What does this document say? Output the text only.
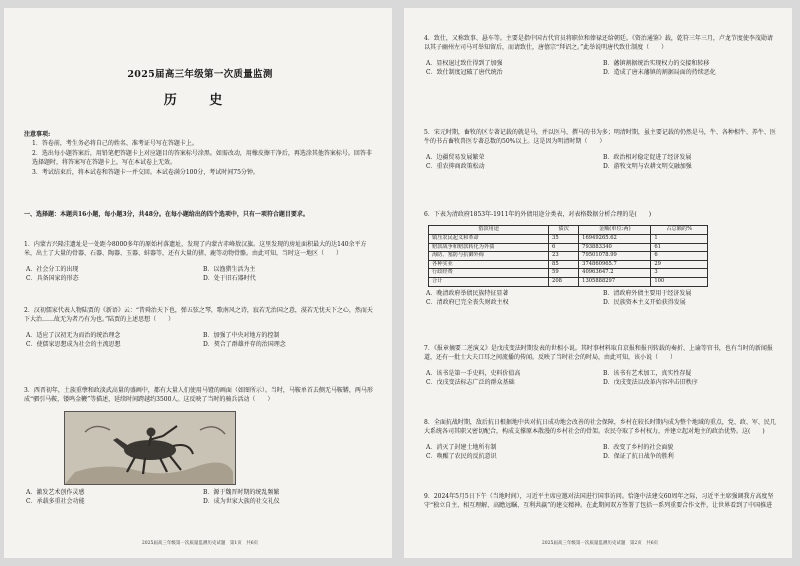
2025届高三年级第一次质量监测
历 史
注意事项:

1．答卷前，考生务必将自己的姓名、准考证号写在答题卡上。

2．选出每小题答案后，用铅笔把答题卡上对应题目的答案标号涂黑。如需改动，用橡皮擦干净后，再选涂其他答案标号。回答非选择题时，将答案写在答题卡上，写在本试卷上无效。

3．考试结束后，将本试卷和答题卡一并交回。本试卷满分100分，考试时间75分钟。

一、选择题：本题共16小题，每小题3分，共48分。在每小题给出的四个选项中，只有一项符合题目要求。

1．内蒙古兴隆洼遗址是一处距今8000多年的原始村落遗址，发现了内蒙古赤峰敖汉旗。这里发现的房址面积最大的达140余平方米，出土了大量的骨器、石器、陶器、玉器、蚌器等，还有大量的猪、鹿等动物骨骼。由此可知，当时这一地区（　　）

A．社会分工的出现	B．以渔猎生活为主
C．具备国家的形态	D．处于旧石器时代

2．汉初儒家代表人物陆贾的《新语》云：“昔舜治天下也，弹五弦之琴，歌南风之诗，寂若无治国之意，漠若无忧天下之心，然而天下大治……故无为者乃有为也。”陆贾的上述思想（　　）

A．适应了汉初无为而治的统治理念	B．加强了中央对地方的控制
C．使儒家思想成为社会的主流思想	D．契合了群雄并存的治国理念

3．西晋初年，土族重孽和政淡武高量的盛画中，都有大量人们使用马镫的画面（如图所示）。当时，马鞍单首去侧无马鞍鞯，两马形成“驷引马鞍，镂鸣金鞭”等描述，延续时间跨越约3500人。这反映了当时的骑兵活动（　　）

A．激发艺术创作灵感	B．源于魏晋时期的统乱频繁
C．承载多重社会功能	D．成为世家大族的社交礼仪
2025届高三年级第一次质量监测历史试题　第1页　共6页

4．致仕，又称致事、悬车等。主要是指中国古代官员将职位和俸禄还给朝廷。《资治通鉴》载，乾符三年三月，卢龙节度使李茂勋请以其子幽州左司马可举知留后，而请致仕，唐僖宗“拜诏之。”此举说明唐代致仕制度（　　）

A．显权退过致仕得到了加强	B．藩镇割据统治实现权力的交接和转移
C．致仕制度冠破了唐代统治	D．造成了唐末藩镇的割据局面的持续恶化

5．宋元时期，畜牧的区专著记载的就是马，并以医马、撰马的书为多；明清时期，虽主要记载的仍然是马，牛、各种相牛、养牛、医牛的书占畜牧兽医专著总数的50%以上。这是因为明清时期（　　）

A．边疆贸易发展繁荣	B．政治相对稳定促进了经济发展
C．重农抑商政策松动	D．游牧文明与农耕文明交融加强

6．下表为清政府1853年-1911年的外债用途分类表，对表格数据分析合理的是(　　)

借款用途	债次	金额(单位:两)	占总额的%
镇压农民起义和革命	35	16949265.62	1
赔款战争和赔款转化为外债	6	793883340	61
海防、塞防与抗御外侮	23	79501078.99	6
各种实业	85	374860965.7	29
行政经费	59	40963647.2	3
合计	208	1305888297	100
A．晚清政府举债民族特征显著	B．清政府外债主要用于经济发展
C．清政府已完全丧失财政主权	D．民族资本主义开始获得发展

7．《报章摘要二逆演义》是戊戌变法时期发表的世相小说。其时事材料取自京报和报刊转载的奏折、上谕等官书，也有当时的新闻报道，还有一批士大夫口耳之间流播的传闻。反映了当时社会的时局，由此可知，该小说（　　）

A．该书是第一手史料，史料价值高	B．该书有艺术加工，真实性存疑
C．戊戌变法标志广泛的群众基础	D．戊戌变法以改革内容冲击旧秩序

8．全面抗战时期，敌后抗日根据地中共对抗日成功地会改善的社会保障，乡村在较长时期内成为整个地域的重点，党、政、军、民几大系统各司其职又密切配合，构成支撑原本散漫的乡村社会的骨架。农民夺取了乡村权力，并建立起对地主的政治优势。这(　　)

A．消灭了封建土地所有制	B．改变了乡村的社会面貌
C．唤醒了农民的反抗意识	D．保证了抗日战争的胜利

9．2024年5月5日下午（当地时间），习近平主席应邀对法国进行国事访问。恰逢中法建交60周年之际，习近平主席强调我方高度坚守“独立自主、相互理解、高瞻远瞩、互利共赢”的建交精神。在此期间双方签署了包括一系列重要合作文件，让世界看到了中国推进

2025届高三年级第一次质量监测历史试题　第2页　共6页
